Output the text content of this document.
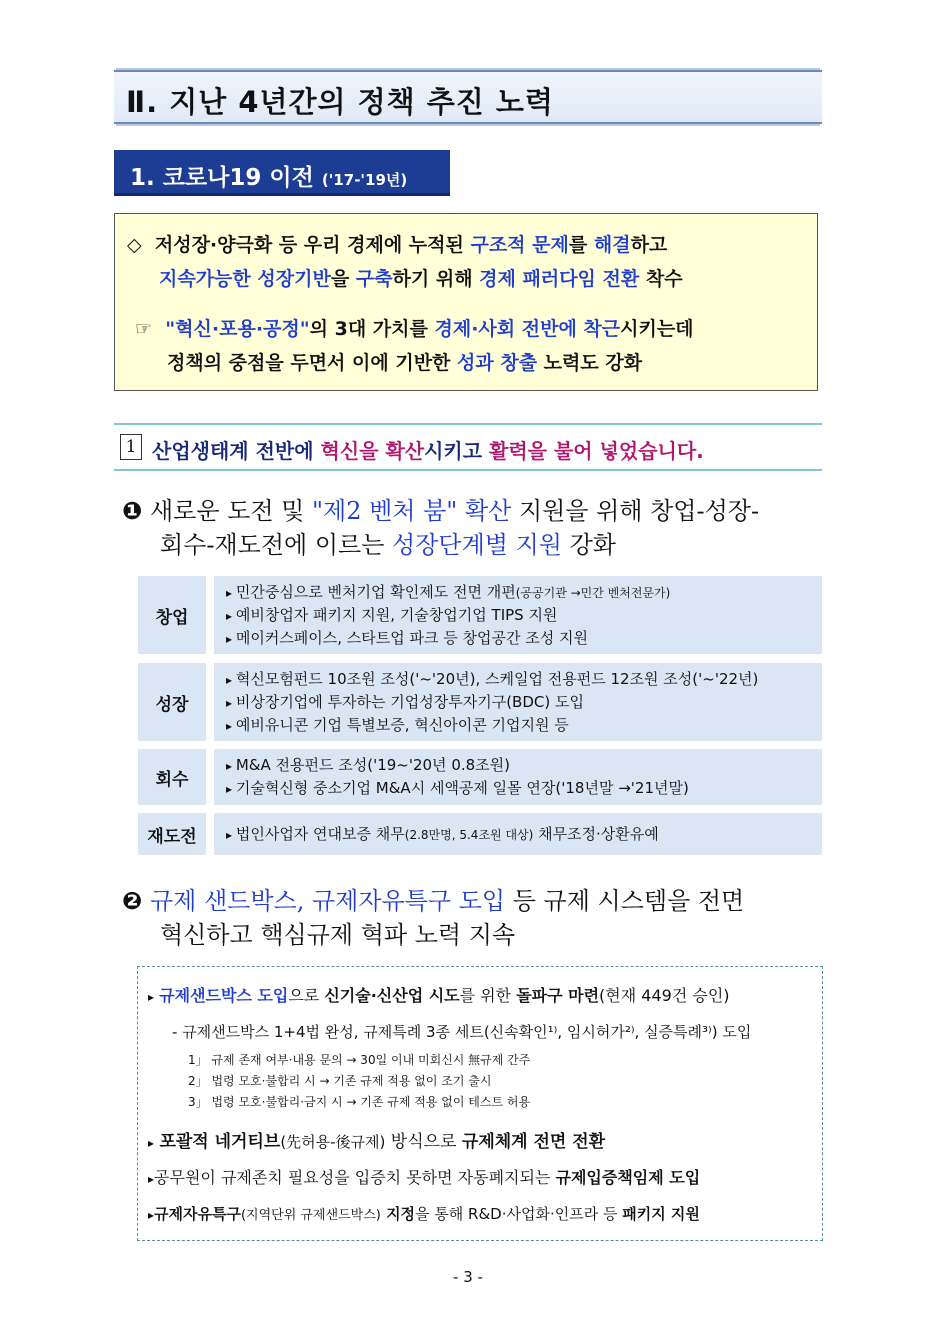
Ⅱ. 지난 4년간의 정책 추진 노력
1. 코로나19 이전 ('17-'19년)
◇ 저성장·양극화 등 우리 경제에 누적된 구조적 문제를 해결하고
지속가능한 성장기반을 구축하기 위해 경제 패러다임 전환 착수
☞ "혁신·포용·공정"의 3대 가치를 경제·사회 전반에 착근시키는데
정책의 중점을 두면서 이에 기반한 성과 창출 노력도 강화
1 산업생태계 전반에 혁신을 확산시키고 활력을 불어 넣었습니다.
❶ 새로운 도전 및 "제2 벤처 붐" 확산 지원을 위해 창업-성장-
회수-재도전에 이르는 성장단계별 지원 강화
창업
▸ 민간중심으로 벤처기업 확인제도 전면 개편(공공기관 →민간 벤처전문가)
▸ 예비창업자 패키지 지원, 기술창업기업 TIPS 지원
▸ 메이커스페이스, 스타트업 파크 등 창업공간 조성 지원
성장
▸ 혁신모험펀드 10조원 조성('~'20년), 스케일업 전용펀드 12조원 조성('~'22년)
▸ 비상장기업에 투자하는 기업성장투자기구(BDC) 도입
▸ 예비유니콘 기업 특별보증, 혁신아이콘 기업지원 등
회수
▸ M&A 전용펀드 조성('19~'20년 0.8조원)
▸ 기술혁신형 중소기업 M&A시 세액공제 일몰 연장('18년말 →'21년말)
재도전
▸	법인사업자 연대보증 채무(2.8만명, 5.4조원 대상) 채무조정·상환유예
❷ 규제 샌드박스, 규제자유특구 도입 등 규제 시스템을 전면
혁신하고 핵심규제 혁파 노력 지속
▸ 규제샌드박스 도입으로 신기술·신산업 시도를 위한 돌파구 마련(현재 449건 승인)
- 규제샌드박스 1+4법 완성, 규제특례 3종 세트(신속확인¹⁾, 임시허가²⁾, 실증특례³⁾) 도입
1」 규제 존재 여부·내용 문의 → 30일 이내 미회신시 無규제 간주
2」 법령 모호·불합리 시 → 기존 규제 적용 없이 조기 출시
3」 법령 모호·불합리·금지 시 → 기존 규제 적용 없이 테스트 허용
▸ 포괄적 네거티브(先허용-後규제) 방식으로 규제체계 전면 전환
▸공무원이 규제존치 필요성을 입증치 못하면 자동폐지되는 규제입증책임제 도입
▸규제자유특구(지역단위 규제샌드박스) 지정을 통해 R&D·사업화·인프라 등 패키지 지원
- 3 -
